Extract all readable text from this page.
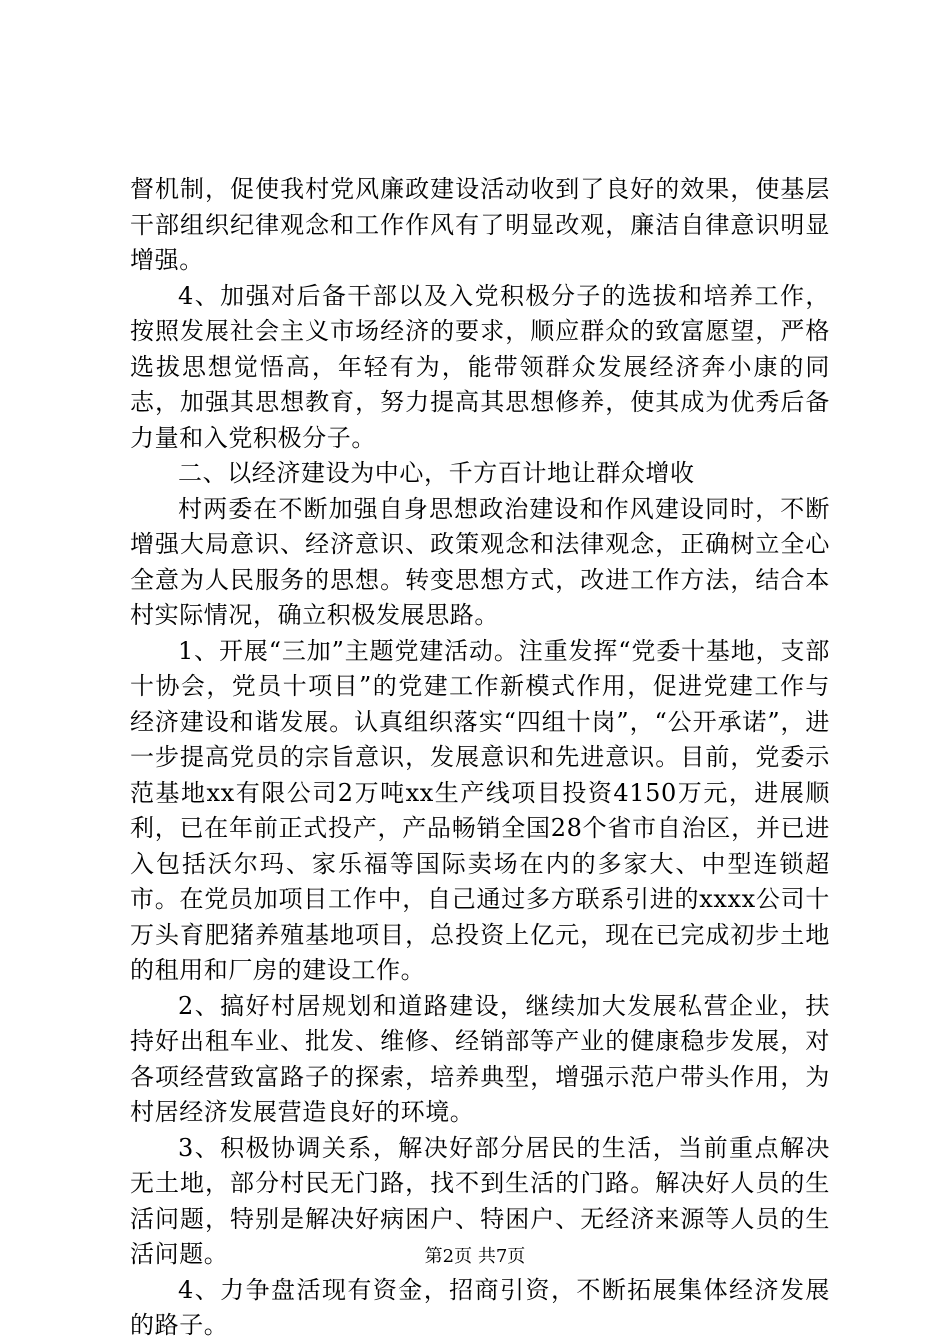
督机制，促使我村党风廉政建设活动收到了良好的效果，使基层干部组织纪律观念和工作作风有了明显改观，廉洁自律意识明显增强。

4、加强对后备干部以及入党积极分子的选拔和培养工作，按照发展社会主义市场经济的要求，顺应群众的致富愿望，严格选拔思想觉悟高，年轻有为，能带领群众发展经济奔小康的同志，加强其思想教育，努力提高其思想修养，使其成为优秀后备力量和入党积极分子。

二、以经济建设为中心，千方百计地让群众增收

村两委在不断加强自身思想政治建设和作风建设同时，不断增强大局意识、经济意识、政策观念和法律观念，正确树立全心全意为人民服务的思想。转变思想方式，改进工作方法，结合本村实际情况，确立积极发展思路。

1、开展“三加”主题党建活动。注重发挥“党委十基地，支部十协会，党员十项目”的党建工作新模式作用，促进党建工作与经济建设和谐发展。认真组织落实“四组十岗”，“公开承诺”，进一步提高党员的宗旨意识，发展意识和先进意识。目前，党委示范基地xx有限公司2万吨xx生产线项目投资4150万元，进展顺利，已在年前正式投产，产品畅销全国28个省市自治区，并已进入包括沃尔玛、家乐福等国际卖场在内的多家大、中型连锁超市。在党员加项目工作中，自己通过多方联系引进的xxxx公司十万头育肥猪养殖基地项目，总投资上亿元，现在已完成初步土地的租用和厂房的建设工作。

2、搞好村居规划和道路建设，继续加大发展私营企业，扶持好出租车业、批发、维修、经销部等产业的健康稳步发展，对各项经营致富路子的探索，培养典型，增强示范户带头作用，为村居经济发展营造良好的环境。

3、积极协调关系，解决好部分居民的生活，当前重点解决无土地，部分村民无门路，找不到生活的门路。解决好人员的生活问题，特别是解决好病困户、特困户、无经济来源等人员的生活问题。

4、力争盘活现有资金，招商引资，不断拓展集体经济发展的路子。

第2页 共7页
